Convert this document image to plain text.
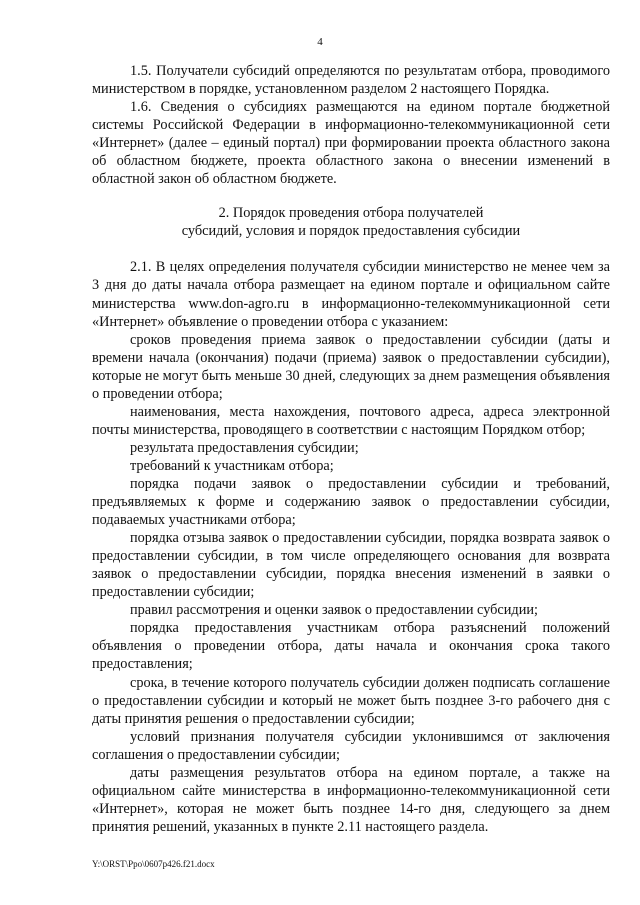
4

1.5. Получатели субсидий определяются по результатам отбора, проводимого министерством в порядке, установленном разделом 2 настоящего Порядка.

1.6. Сведения о субсидиях размещаются на едином портале бюджетной системы Российской Федерации в информационно-телекоммуникационной сети «Интернет» (далее – единый портал) при формировании проекта областного закона об областном бюджете, проекта областного закона о внесении изменений в областной закон об областном бюджете.

2. Порядок проведения отбора получателей
субсидий, условия и порядок предоставления субсидии

2.1. В целях определения получателя субсидии министерство не менее чем за 3 дня до даты начала отбора размещает на едином портале и официальном сайте министерства www.don-agro.ru в информационно-телекоммуникационной сети «Интернет» объявление о проведении отбора с указанием:

сроков проведения приема заявок о предоставлении субсидии (даты и времени начала (окончания) подачи (приема) заявок о предоставлении субсидии), которые не могут быть меньше 30 дней, следующих за днем размещения объявления о проведении отбора;

наименования, места нахождения, почтового адреса, адреса электронной почты министерства, проводящего в соответствии с настоящим Порядком отбор;

результата предоставления субсидии;

требований к участникам отбора;

порядка подачи заявок о предоставлении субсидии и требований, предъявляемых к форме и содержанию заявок о предоставлении субсидии, подаваемых участниками отбора;

порядка отзыва заявок о предоставлении субсидии, порядка возврата заявок о предоставлении субсидии, в том числе определяющего основания для возврата заявок о предоставлении субсидии, порядка внесения изменений в заявки о предоставлении субсидии;

правил рассмотрения и оценки заявок о предоставлении субсидии;

порядка предоставления участникам отбора разъяснений положений объявления о проведении отбора, даты начала и окончания срока такого предоставления;

срока, в течение которого получатель субсидии должен подписать соглашение о предоставлении субсидии и который не может быть позднее 3-го рабочего дня с даты принятия решения о предоставлении субсидии;

условий признания получателя субсидии уклонившимся от заключения соглашения о предоставлении субсидии;

даты размещения результатов отбора на едином портале, а также на официальном сайте министерства в информационно-телекоммуникационной сети «Интернет», которая не может быть позднее 14-го дня, следующего за днем принятия решений, указанных в пункте 2.11 настоящего раздела.

Y:\ORST\Ppo\0607p426.f21.docx
